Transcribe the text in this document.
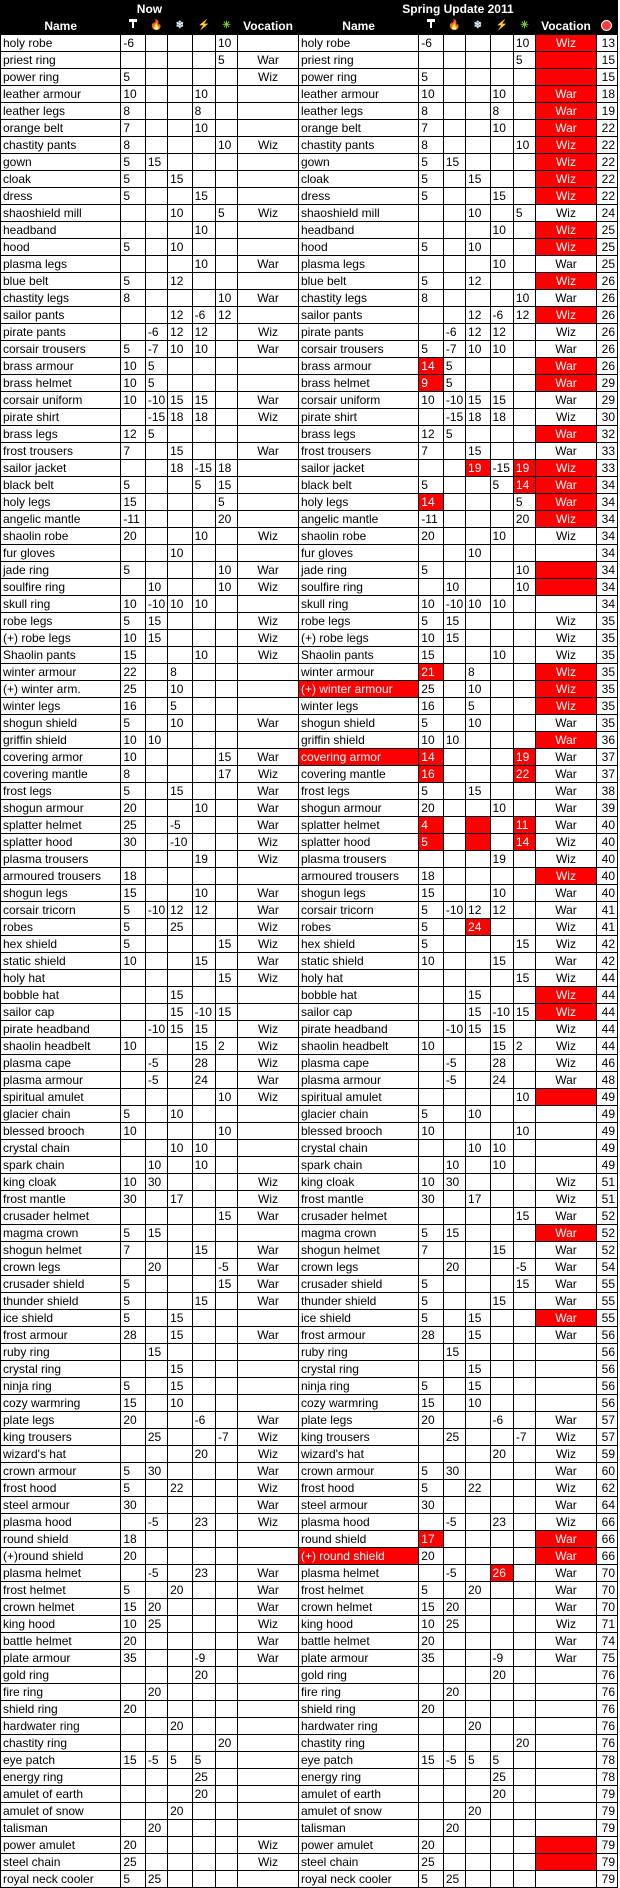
Now							Spring Update 2011							
Name		🔥	❄	⚡	✳	Vocation	Name		🔥	❄	⚡	✳	Vocation	
holy robe	-6				10		holy robe	-6				10	Wiz	13
priest ring					5	War	priest ring					5		15
power ring	5					Wiz	power ring	5						15
leather armour	10			10			leather armour	10			10		War	18
leather legs	8			8			leather legs	8			8		War	19
orange belt	7			10			orange belt	7			10		War	22
chastity pants	8				10	Wiz	chastity pants	8				10	Wiz	22
gown	5	15					gown	5	15				Wiz	22
cloak	5		15				cloak	5		15			Wiz	22
dress	5			15			dress	5			15		Wiz	22
shaoshield mill			10		5	Wiz	shaoshield mill			10		5	Wiz	24
headband				10			headband				10		Wiz	25
hood	5		10				hood	5		10			Wiz	25
plasma legs				10		War	plasma legs				10		War	25
blue belt	5		12				blue belt	5		12			Wiz	26
chastity legs	8				10	War	chastity legs	8				10	War	26
sailor pants			12	-6	12		sailor pants			12	-6	12	Wiz	26
pirate pants		-6	12	12		Wiz	pirate pants		-6	12	12		Wiz	26
corsair trousers	5	-7	10	10		War	corsair trousers	5	-7	10	10		War	26
brass armour	10	5					brass armour	14	5				War	26
brass helmet	10	5					brass helmet	9	5				War	29
corsair uniform	10	-10	15	15		War	corsair uniform	10	-10	15	15		War	29
pirate shirt		-15	18	18		Wiz	pirate shirt		-15	18	18		Wiz	30
brass legs	12	5					brass legs	12	5				War	32
frost trousers	7		15			War	frost trousers	7		15			War	33
sailor jacket			18	-15	18		sailor jacket			19	-15	19	Wiz	33
black belt	5			5	15		black belt	5			5	14	War	34
holy legs	15				5		holy legs	14				5	War	34
angelic mantle	-11				20		angelic mantle	-11				20	Wiz	34
shaolin robe	20			10		Wiz	shaolin robe	20			10		Wiz	34
fur gloves			10				fur gloves			10				34
jade ring	5				10	War	jade ring	5				10		34
soulfire ring		10			10	Wiz	soulfire ring		10			10		34
skull ring	10	-10	10	10			skull ring	10	-10	10	10			34
robe legs	5	15				Wiz	robe legs	5	15				Wiz	35
(+) robe legs	10	15				Wiz	(+) robe legs	10	15				Wiz	35
Shaolin pants	15			10		Wiz	Shaolin pants	15			10		Wiz	35
winter armour	22		8				winter armour	21		8			Wiz	35
(+) winter arm.	25		10				(+) winter armour	25		10			Wiz	35
winter legs	16		5				winter legs	16		5			Wiz	35
shogun shield	5		10			War	shogun shield	5		10			War	35
griffin shield	10	10					griffin shield	10	10				War	36
covering armor	10				15	War	covering armor	14				19	War	37
covering mantle	8				17	Wiz	covering mantle	16				22	War	37
frost legs	5		15			War	frost legs	5		15			War	38
shogun armour	20			10		War	shogun armour	20			10		War	39
splatter helmet	25		-5			War	splatter helmet	4				11	War	40
splatter hood	30		-10			Wiz	splatter hood	5				14	Wiz	40
plasma trousers				19		Wiz	plasma trousers				19		Wiz	40
armoured trousers	18						armoured trousers	18					Wiz	40
shogun legs	15			10		War	shogun legs	15			10		War	40
corsair tricorn	5	-10	12	12		War	corsair tricorn	5	-10	12	12		War	41
robes	5		25			Wiz	robes	5		24			Wiz	41
hex shield	5				15	Wiz	hex shield	5				15	Wiz	42
static shield	10			15		War	static shield	10			15		War	42
holy hat					15	Wiz	holy hat					15	Wiz	44
bobble hat			15				bobble hat			15			Wiz	44
sailor cap			15	-10	15		sailor cap			15	-10	15	Wiz	44
pirate headband		-10	15	15		Wiz	pirate headband		-10	15	15		Wiz	44
shaolin headbelt	10			15	2	Wiz	shaolin headbelt	10			15	2	Wiz	44
plasma cape		-5		28		Wiz	plasma cape		-5		28		Wiz	46
plasma armour		-5		24		War	plasma armour		-5		24		War	48
spiritual amulet					10	Wiz	spiritual amulet					10		49
glacier chain	5		10				glacier chain	5		10				49
blessed brooch	10				10		blessed brooch	10				10		49
crystal chain			10	10			crystal chain			10	10			49
spark chain		10		10			spark chain		10		10			49
king cloak	10	30				Wiz	king cloak	10	30				Wiz	51
frost mantle	30		17			Wiz	frost mantle	30		17			Wiz	51
crusader helmet					15	War	crusader helmet					15	War	52
magma crown	5	15					magma crown	5	15				War	52
shogun helmet	7			15		War	shogun helmet	7			15		War	52
crown legs		20			-5	War	crown legs		20			-5	War	54
crusader shield	5				15	War	crusader shield	5				15	War	55
thunder shield	5			15		War	thunder shield	5			15		War	55
ice shield	5		15				ice shield	5		15			War	55
frost armour	28		15			War	frost armour	28		15			War	56
ruby ring		15					ruby ring		15					56
crystal ring			15				crystal ring			15				56
ninja ring	5		15				ninja ring	5		15				56
cozy warmring	15		10				cozy warmring	15		10				56
plate legs	20			-6		War	plate legs	20			-6		War	57
king trousers		25			-7	Wiz	king trousers		25			-7	Wiz	57
wizard's hat				20		Wiz	wizard's hat				20		Wiz	59
crown armour	5	30				War	crown armour	5	30				War	60
frost hood	5		22			Wiz	frost hood	5		22			Wiz	62
steel armour	30					War	steel armour	30					War	64
plasma hood		-5		23		Wiz	plasma hood		-5		23		Wiz	66
round shield	18						round shield	17					War	66
(+)round shield	20						(+) round shield	20					War	66
plasma helmet		-5		23		War	plasma helmet		-5		26		War	70
frost helmet	5		20			War	frost helmet	5		20			War	70
crown helmet	15	20				War	crown helmet	15	20				War	70
king hood	10	25				Wiz	king hood	10	25				Wiz	71
battle helmet	20					War	battle helmet	20					War	74
plate armour	35			-9		War	plate armour	35			-9		War	75
gold ring				20			gold ring				20			76
fire ring		20					fire ring		20					76
shield ring	20						shield ring	20						76
hardwater ring			20				hardwater ring			20				76
chastity ring					20		chastity ring					20		76
eye patch	15	-5	5	5			eye patch	15	-5	5	5			78
energy ring				25			energy ring				25			78
amulet of earth				20			amulet of earth				20			79
amulet of snow			20				amulet of snow			20				79
talisman		20					talisman		20					79
power amulet	20					Wiz	power amulet	20						79
steel chain	25					Wiz	steel chain	25						79
royal neck cooler	5	25					royal neck cooler	5	25					79
